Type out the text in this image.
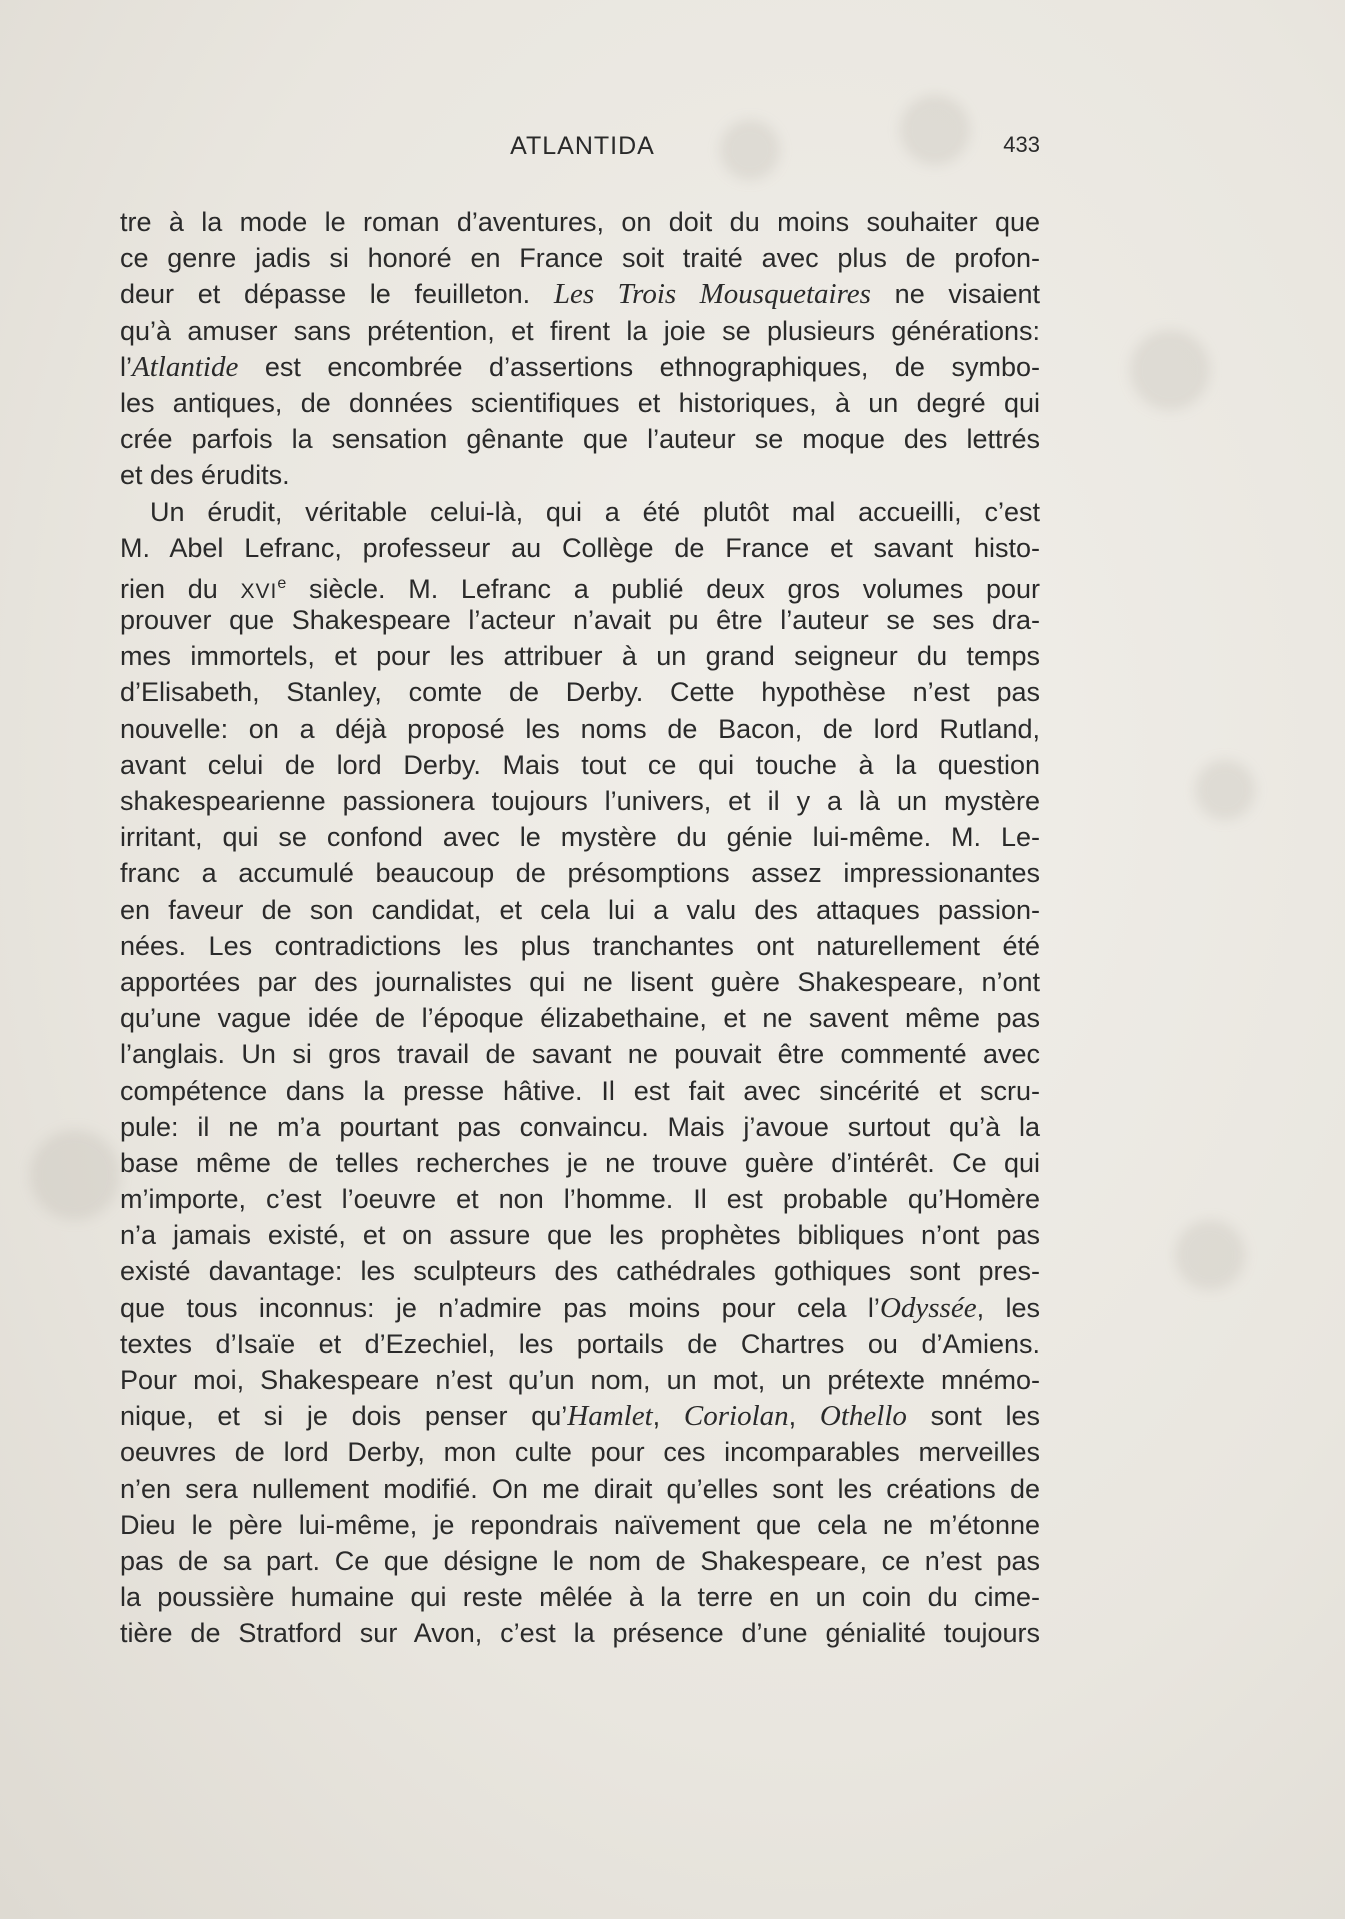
ATLANTIDA	433
tre à la mode le roman d’aventures, on doit du moins souhaiter que
ce genre jadis si honoré en France soit traité avec plus de profon-
deur et dépasse le feuilleton. Les Trois Mousquetaires ne visaient
qu’à amuser sans prétention, et firent la joie se plusieurs générations:
l’Atlantide est encombrée d’assertions ethnographiques, de symbo-
les antiques, de données scientifiques et historiques, à un degré qui
crée parfois la sensation gênante que l’auteur se moque des lettrés
et des érudits.
Un érudit, véritable celui-là, qui a été plutôt mal accueilli, c’est
M. Abel Lefranc, professeur au Collège de France et savant histo-
rien du XVIe siècle. M. Lefranc a publié deux gros volumes pour
prouver que Shakespeare l’acteur n’avait pu être l’auteur se ses dra-
mes immortels, et pour les attribuer à un grand seigneur du temps
d’Elisabeth, Stanley, comte de Derby. Cette hypothèse n’est pas
nouvelle: on a déjà proposé les noms de Bacon, de lord Rutland,
avant celui de lord Derby. Mais tout ce qui touche à la question
shakespearienne passionera toujours l’univers, et il y a là un mystère
irritant, qui se confond avec le mystère du génie lui-même. M. Le-
franc a accumulé beaucoup de présomptions assez impressionantes
en faveur de son candidat, et cela lui a valu des attaques passion-
nées. Les contradictions les plus tranchantes ont naturellement été
apportées par des journalistes qui ne lisent guère Shakespeare, n’ont
qu’une vague idée de l’époque élizabethaine, et ne savent même pas
l’anglais. Un si gros travail de savant ne pouvait être commenté avec
compétence dans la presse hâtive. Il est fait avec sincérité et scru-
pule: il ne m’a pourtant pas convaincu. Mais j’avoue surtout qu’à la
base même de telles recherches je ne trouve guère d’intérêt. Ce qui
m’importe, c’est l’oeuvre et non l’homme. Il est probable qu’Homère
n’a jamais existé, et on assure que les prophètes bibliques n’ont pas
existé davantage: les sculpteurs des cathédrales gothiques sont pres-
que tous inconnus: je n’admire pas moins pour cela l’Odyssée, les
textes d’Isaïe et d’Ezechiel, les portails de Chartres ou d’Amiens.
Pour moi, Shakespeare n’est qu’un nom, un mot, un prétexte mnémo-
nique, et si je dois penser qu’Hamlet, Coriolan, Othello sont les
oeuvres de lord Derby, mon culte pour ces incomparables merveilles
n’en sera nullement modifié. On me dirait qu’elles sont les créations de
Dieu le père lui-même, je repondrais naïvement que cela ne m’étonne
pas de sa part. Ce que désigne le nom de Shakespeare, ce n’est pas
la poussière humaine qui reste mêlée à la terre en un coin du cime-
tière de Stratford sur Avon, c’est la présence d’une génialité toujours
